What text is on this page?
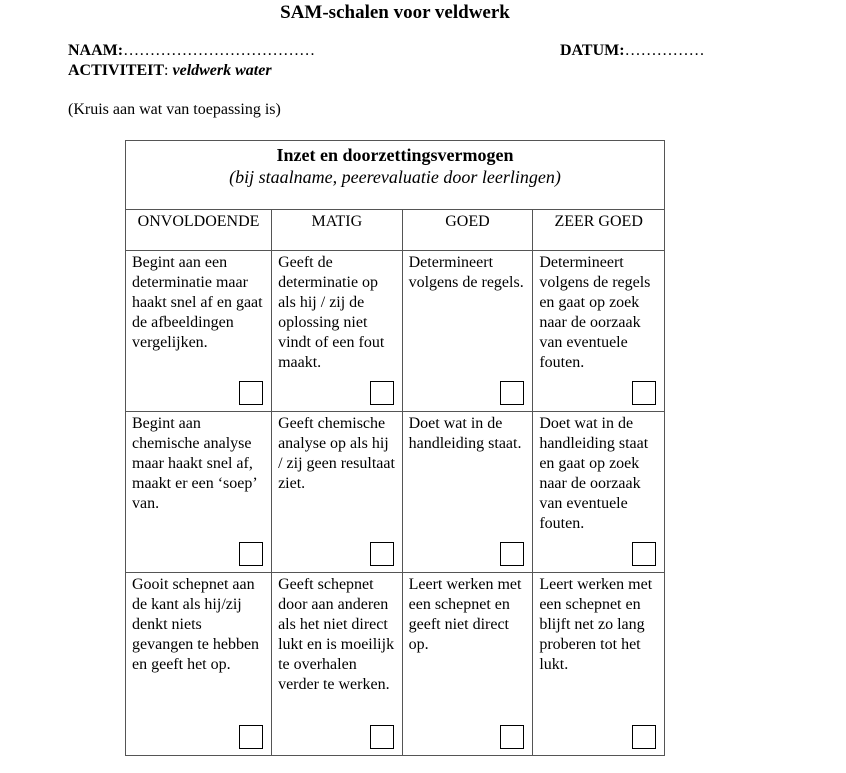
SAM-schalen voor veldwerk
NAAM:………………………………	DATUM:……………
ACTIVITEIT: veldwerk water
(Kruis aan wat van toepassing is)
Inzet en doorzettingsvermogen
(bij staalname, peerevaluatie door leerlingen)			

ONVOLDOENDE	MATIG	GOED	ZEER GOED
Begint aan een determinatie maar haakt snel af en gaat de afbeeldingen vergelijken.	Geeft de determinatie op als hij / zij de oplossing niet vindt of een fout maakt.	Determineert volgens de regels.	Determineert volgens de regels en gaat op zoek naar de oorzaak van eventuele fouten.

Begint aan chemische analyse maar haakt snel af, maakt er een ‘soep’ van.	Geeft chemische analyse op als hij / zij geen resultaat ziet.	Doet wat in de handleiding staat.	Doet wat in de handleiding staat en gaat op zoek naar de oorzaak van eventuele fouten.

Gooit schepnet aan de kant als hij/zij denkt niets gevangen te hebben en geeft het op.	Geeft schepnet door aan anderen als het niet direct lukt en is moeilijk te overhalen verder te werken.	Leert werken met een schepnet en geeft niet direct op.	Leert werken met een schepnet en blijft net zo lang proberen tot het lukt.
